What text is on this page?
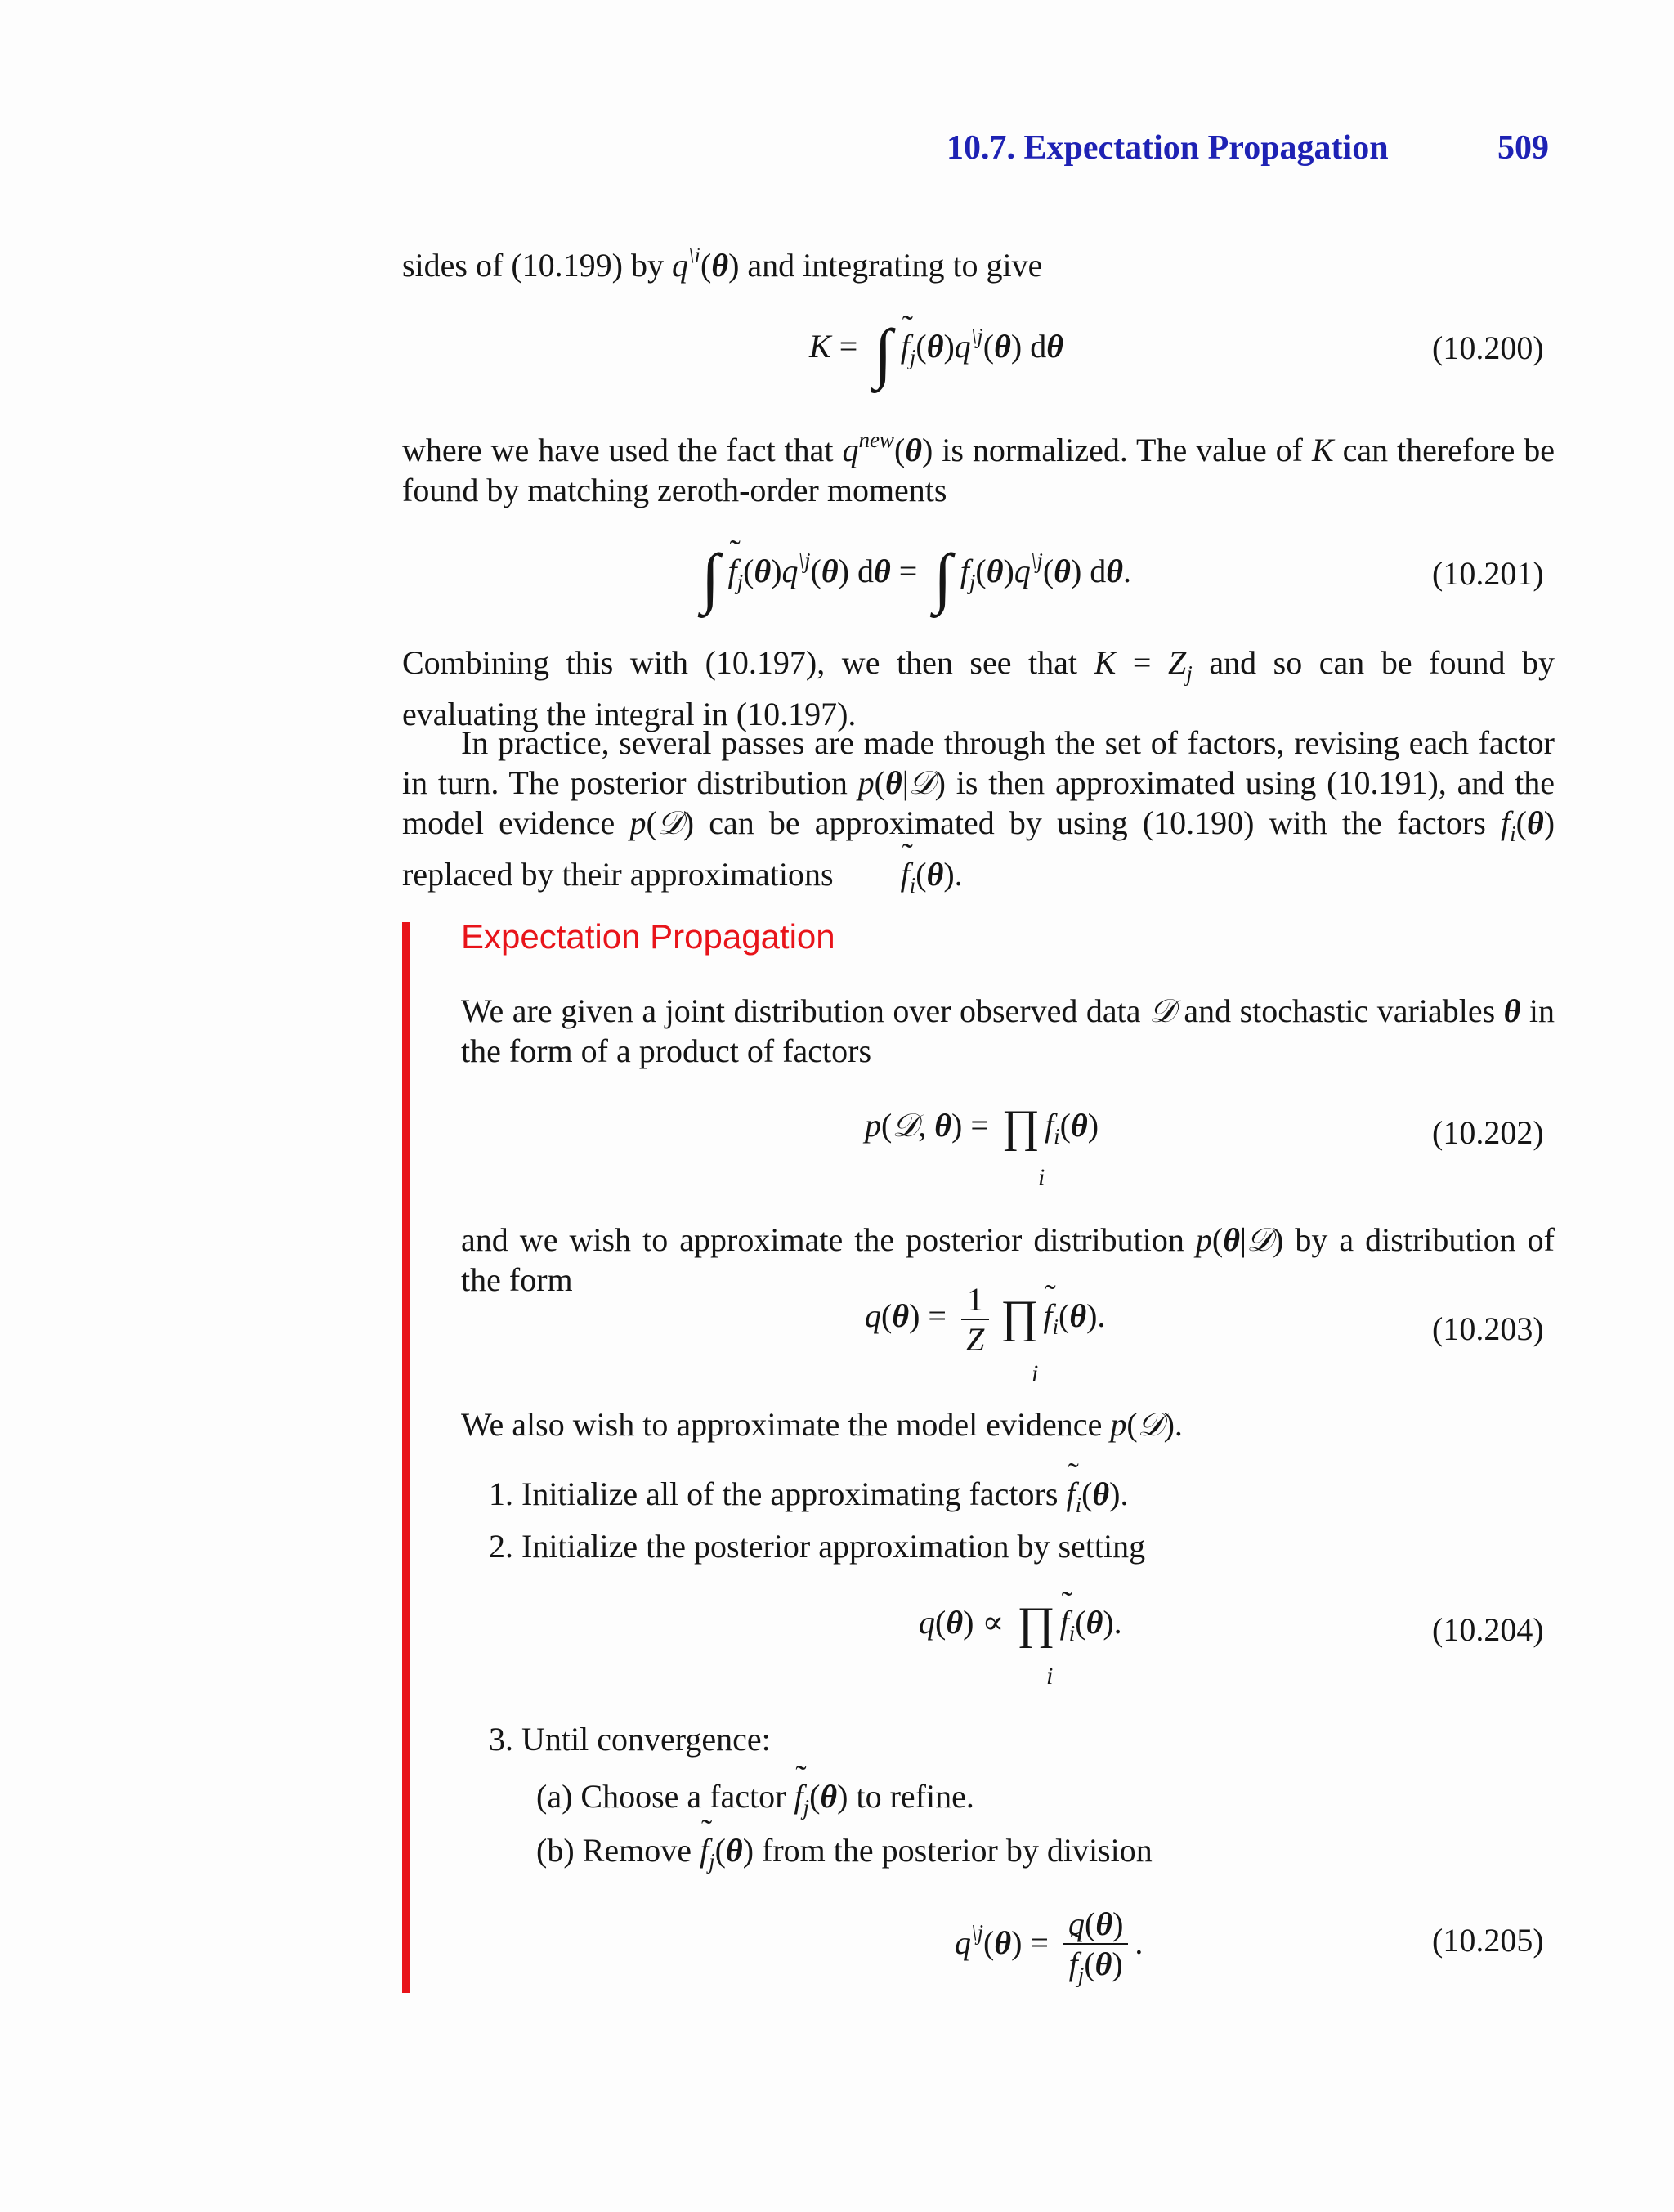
10.7. Expectation Propagation	509
sides of (10.199) by $q^{\backslash i}(\theta)$ and integrating to give
K = ∫ ˜ $f_j(\theta)q^{\backslash j}(\theta)$ dθ	(10.200)
where we have used the fact that $q^{new}(\theta)$ is normalized. The value of K can therefore be found by matching zeroth-order moments
∫ ˜ $f_j(\theta)q^{\backslash j}(\theta) d\theta$ = ∫ $f_j(\theta)q^{\backslash j}(\theta)$ dθ.	(10.201)
Combining this with (10.197), we then see that $K = Z_j$ and so can be found by evaluating the integral in (10.197).
In practice, several passes are made through the set of factors, revising each factor in turn. The posterior distribution p(θ|𝒟) is then approximated using (10.191), and the model evidence p(𝒟) can be approximated by using (10.190) with the factors $f_i(\theta)$ replaced by their approximations ˜ $f_i(\theta)$.
Expectation Propagation
We are given a joint distribution over observed data 𝒟 and stochastic variables θ in the form of a product of factors
p(𝒟, θ) = ∏ $f_i(\theta)$
i
(10.202)
and we wish to approximate the posterior distribution p(θ|𝒟) by a distribution of the form
$q(\theta) = \frac{1}{Z}$ ∏ ˜ $f_i(\theta)$.
i
(10.203)
We also wish to approximate the model evidence p(𝒟).
1. Initialize all of the approximating factors ˜ $f_i(\theta)$.
2. Initialize the posterior approximation by setting
q(θ) ∝ ∏ ˜ $f_i(\theta)$.
i
(10.204)
3. Until convergence:
(a) Choose a factor ˜ $f_j(\theta)$ to refine.
(b) Remove ˜ $f_j(\theta)$ from the posterior by division
$q^{\backslash j}(\theta) = q(\theta)$
˜ $f_j(\theta)$ .	(10.205)
